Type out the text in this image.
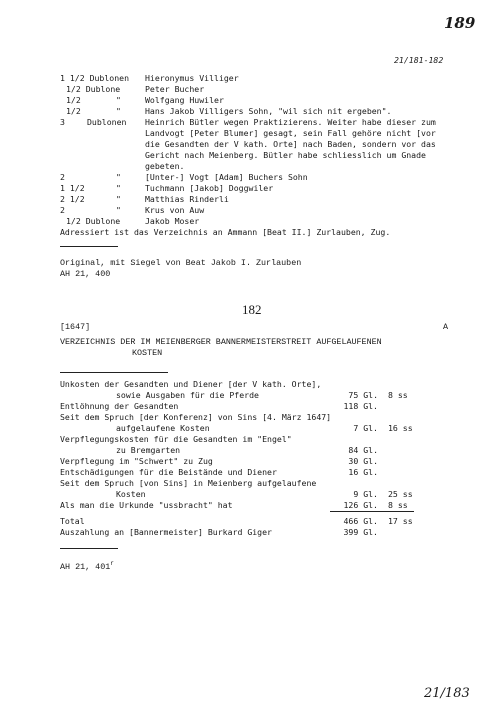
189
21/181-182
1 1/2 Dublonen Hieronymus Villiger
1/2 Dublone	Peter Bucher
1/2	"	Wolfgang Huwiler
1/2	"	Hans Jakob Villigers Sohn, "wil sich nit ergeben".
3	Dublonen Heinrich Bütler wegen Praktizierens. Weiter habe dieser zum
Landvogt [Peter Blumer] gesagt, sein Fall gehöre nicht [vor
die Gesandten der V kath. Orte] nach Baden, sondern vor das
Gericht nach Meienberg. Bütler habe schliesslich um Gnade
gebeten.
2	"	[Unter-] Vogt [Adam] Buchers Sohn
1 1/2	"	Tuchmann [Jakob] Doggwiler
2 1/2	"	Matthias Rinderli
2	"	Krus von Auw
1/2 Dublone	Jakob Moser
Adressiert ist das Verzeichnis an Ammann [Beat II.] Zurlauben, Zug.
Original, mit Siegel von Beat Jakob I. Zurlauben
AH 21, 400
182
[1647]	A
VERZEICHNIS DER IM MEIENBERGER BANNERMEISTERSTREIT AUFGELAUFENEN
KOSTEN
Unkosten der Gesandten und Diener [der V kath. Orte],
sowie Ausgaben für die Pferde	75 Gl. 8 ss
Entlöhnung der Gesandten	118 Gl.
Seit dem Spruch [der Konferenz] von Sins [4. März 1647]
aufgelaufene Kosten	7 Gl. 16 ss
Verpflegungskosten für die Gesandten im "Engel"
zu Bremgarten	84 Gl.
Verpflegung im "Schwert" zu Zug	30 Gl.
Entschädigungen für die Beistände und Diener	16 Gl.
Seit dem Spruch [von Sins] in Meienberg aufgelaufene
Kosten	9 Gl. 25 ss
Als man die Urkunde "ussbracht" hat	126 Gl. 8 ss
Total	466 Gl. 17 ss
Auszahlung an [Bannermeister] Burkard Giger	399 Gl.
AH 21, 401$^r$
21/183
